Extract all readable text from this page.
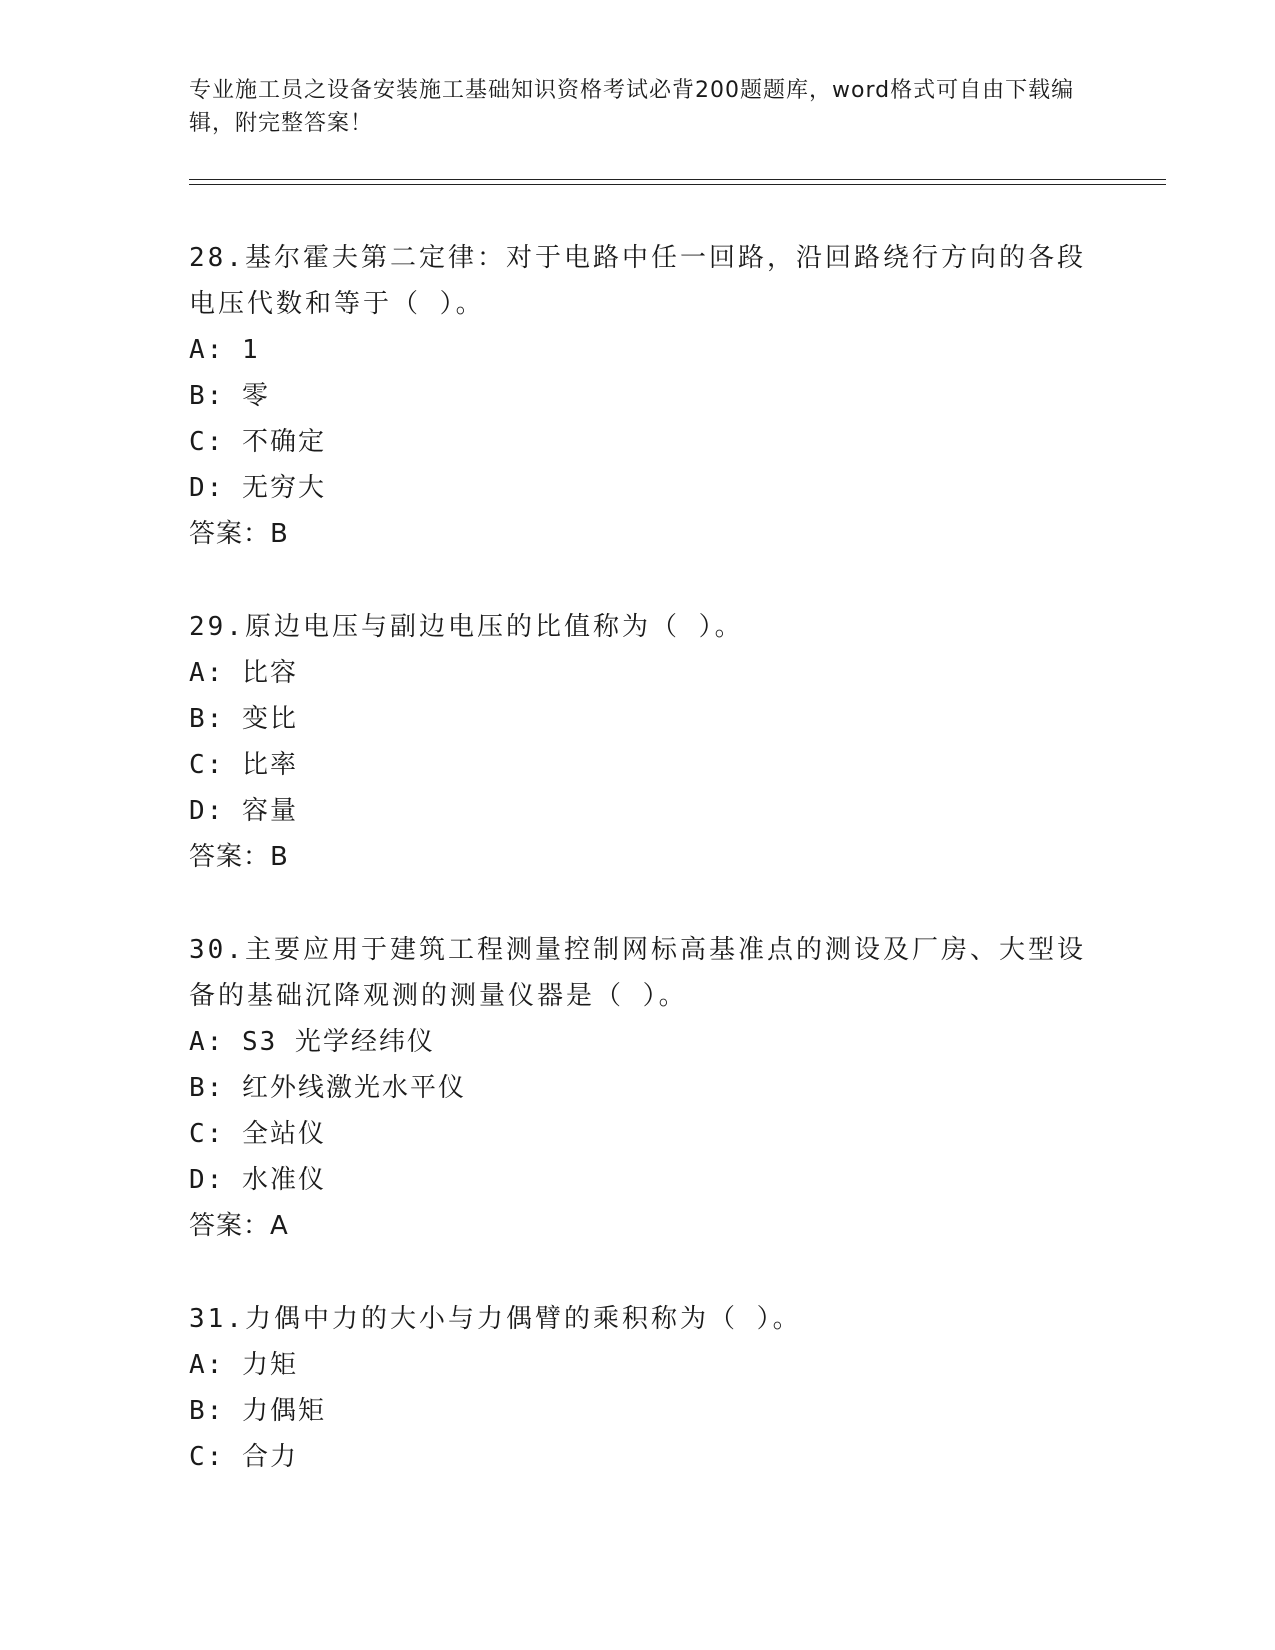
专业施工员之设备安装施工基础知识资格考试必背200题题库，word格式可自由下载编辑，附完整答案！

28.基尔霍夫第二定律：对于电路中任一回路，沿回路绕行方向的各段电压代数和等于（ ）。

A: 1

B: 零

C: 不确定

D: 无穷大

答案：B

29.原边电压与副边电压的比值称为（ ）。

A: 比容

B: 变比

C: 比率

D: 容量

答案：B

30.主要应用于建筑工程测量控制网标高基准点的测设及厂房、大型设备的基础沉降观测的测量仪器是（ ）。

A: S3 光学经纬仪

B: 红外线激光水平仪

C: 全站仪

D: 水准仪

答案：A

31.力偶中力的大小与力偶臂的乘积称为（ ）。

A: 力矩

B: 力偶矩

C: 合力
